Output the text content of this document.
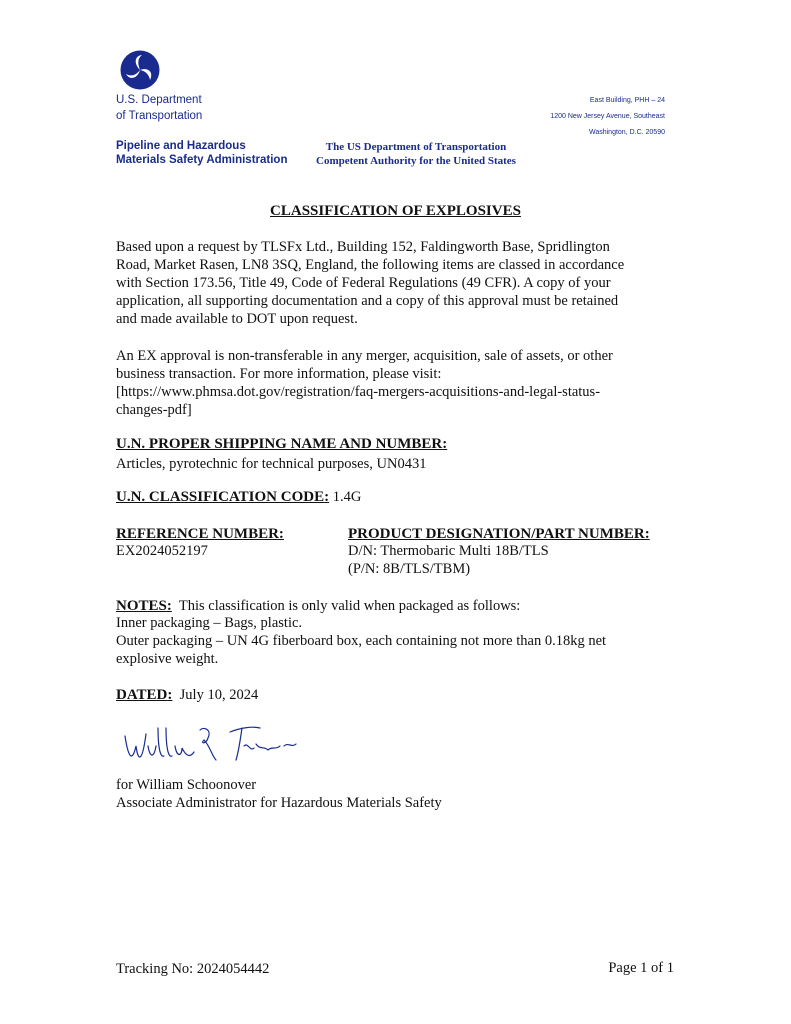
U.S. Department
of Transportation
East Building, PHH – 24
1200 New Jersey Avenue, Southeast
Washington, D.C. 20590
Pipeline and Hazardous
Materials Safety Administration
The US Department of Transportation
Competent Authority for the United States
CLASSIFICATION OF EXPLOSIVES
Based upon a request by TLSFx Ltd., Building 152, Faldingworth Base, Spridlington
Road, Market Rasen, LN8 3SQ, England, the following items are classed in accordance
with Section 173.56, Title 49, Code of Federal Regulations (49 CFR). A copy of your
application, all supporting documentation and a copy of this approval must be retained
and made available to DOT upon request.
An EX approval is non-transferable in any merger, acquisition, sale of assets, or other
business transaction. For more information, please visit:
[https://www.phmsa.dot.gov/registration/faq-mergers-acquisitions-and-legal-status-
changes-pdf]
U.N. PROPER SHIPPING NAME AND NUMBER:
Articles, pyrotechnic for technical purposes, UN0431
U.N. CLASSIFICATION CODE: 1.4G
REFERENCE NUMBER:
EX2024052197
PRODUCT DESIGNATION/PART NUMBER:
D/N: Thermobaric Multi 18B/TLS
(P/N: 8B/TLS/TBM)
NOTES: This classification is only valid when packaged as follows:
Inner packaging – Bags, plastic.
Outer packaging – UN 4G fiberboard box, each containing not more than 0.18kg net
explosive weight.
DATED: July 10, 2024
for William Schoonover
Associate Administrator for Hazardous Materials Safety
Tracking No: 2024054442	Page 1 of 1
